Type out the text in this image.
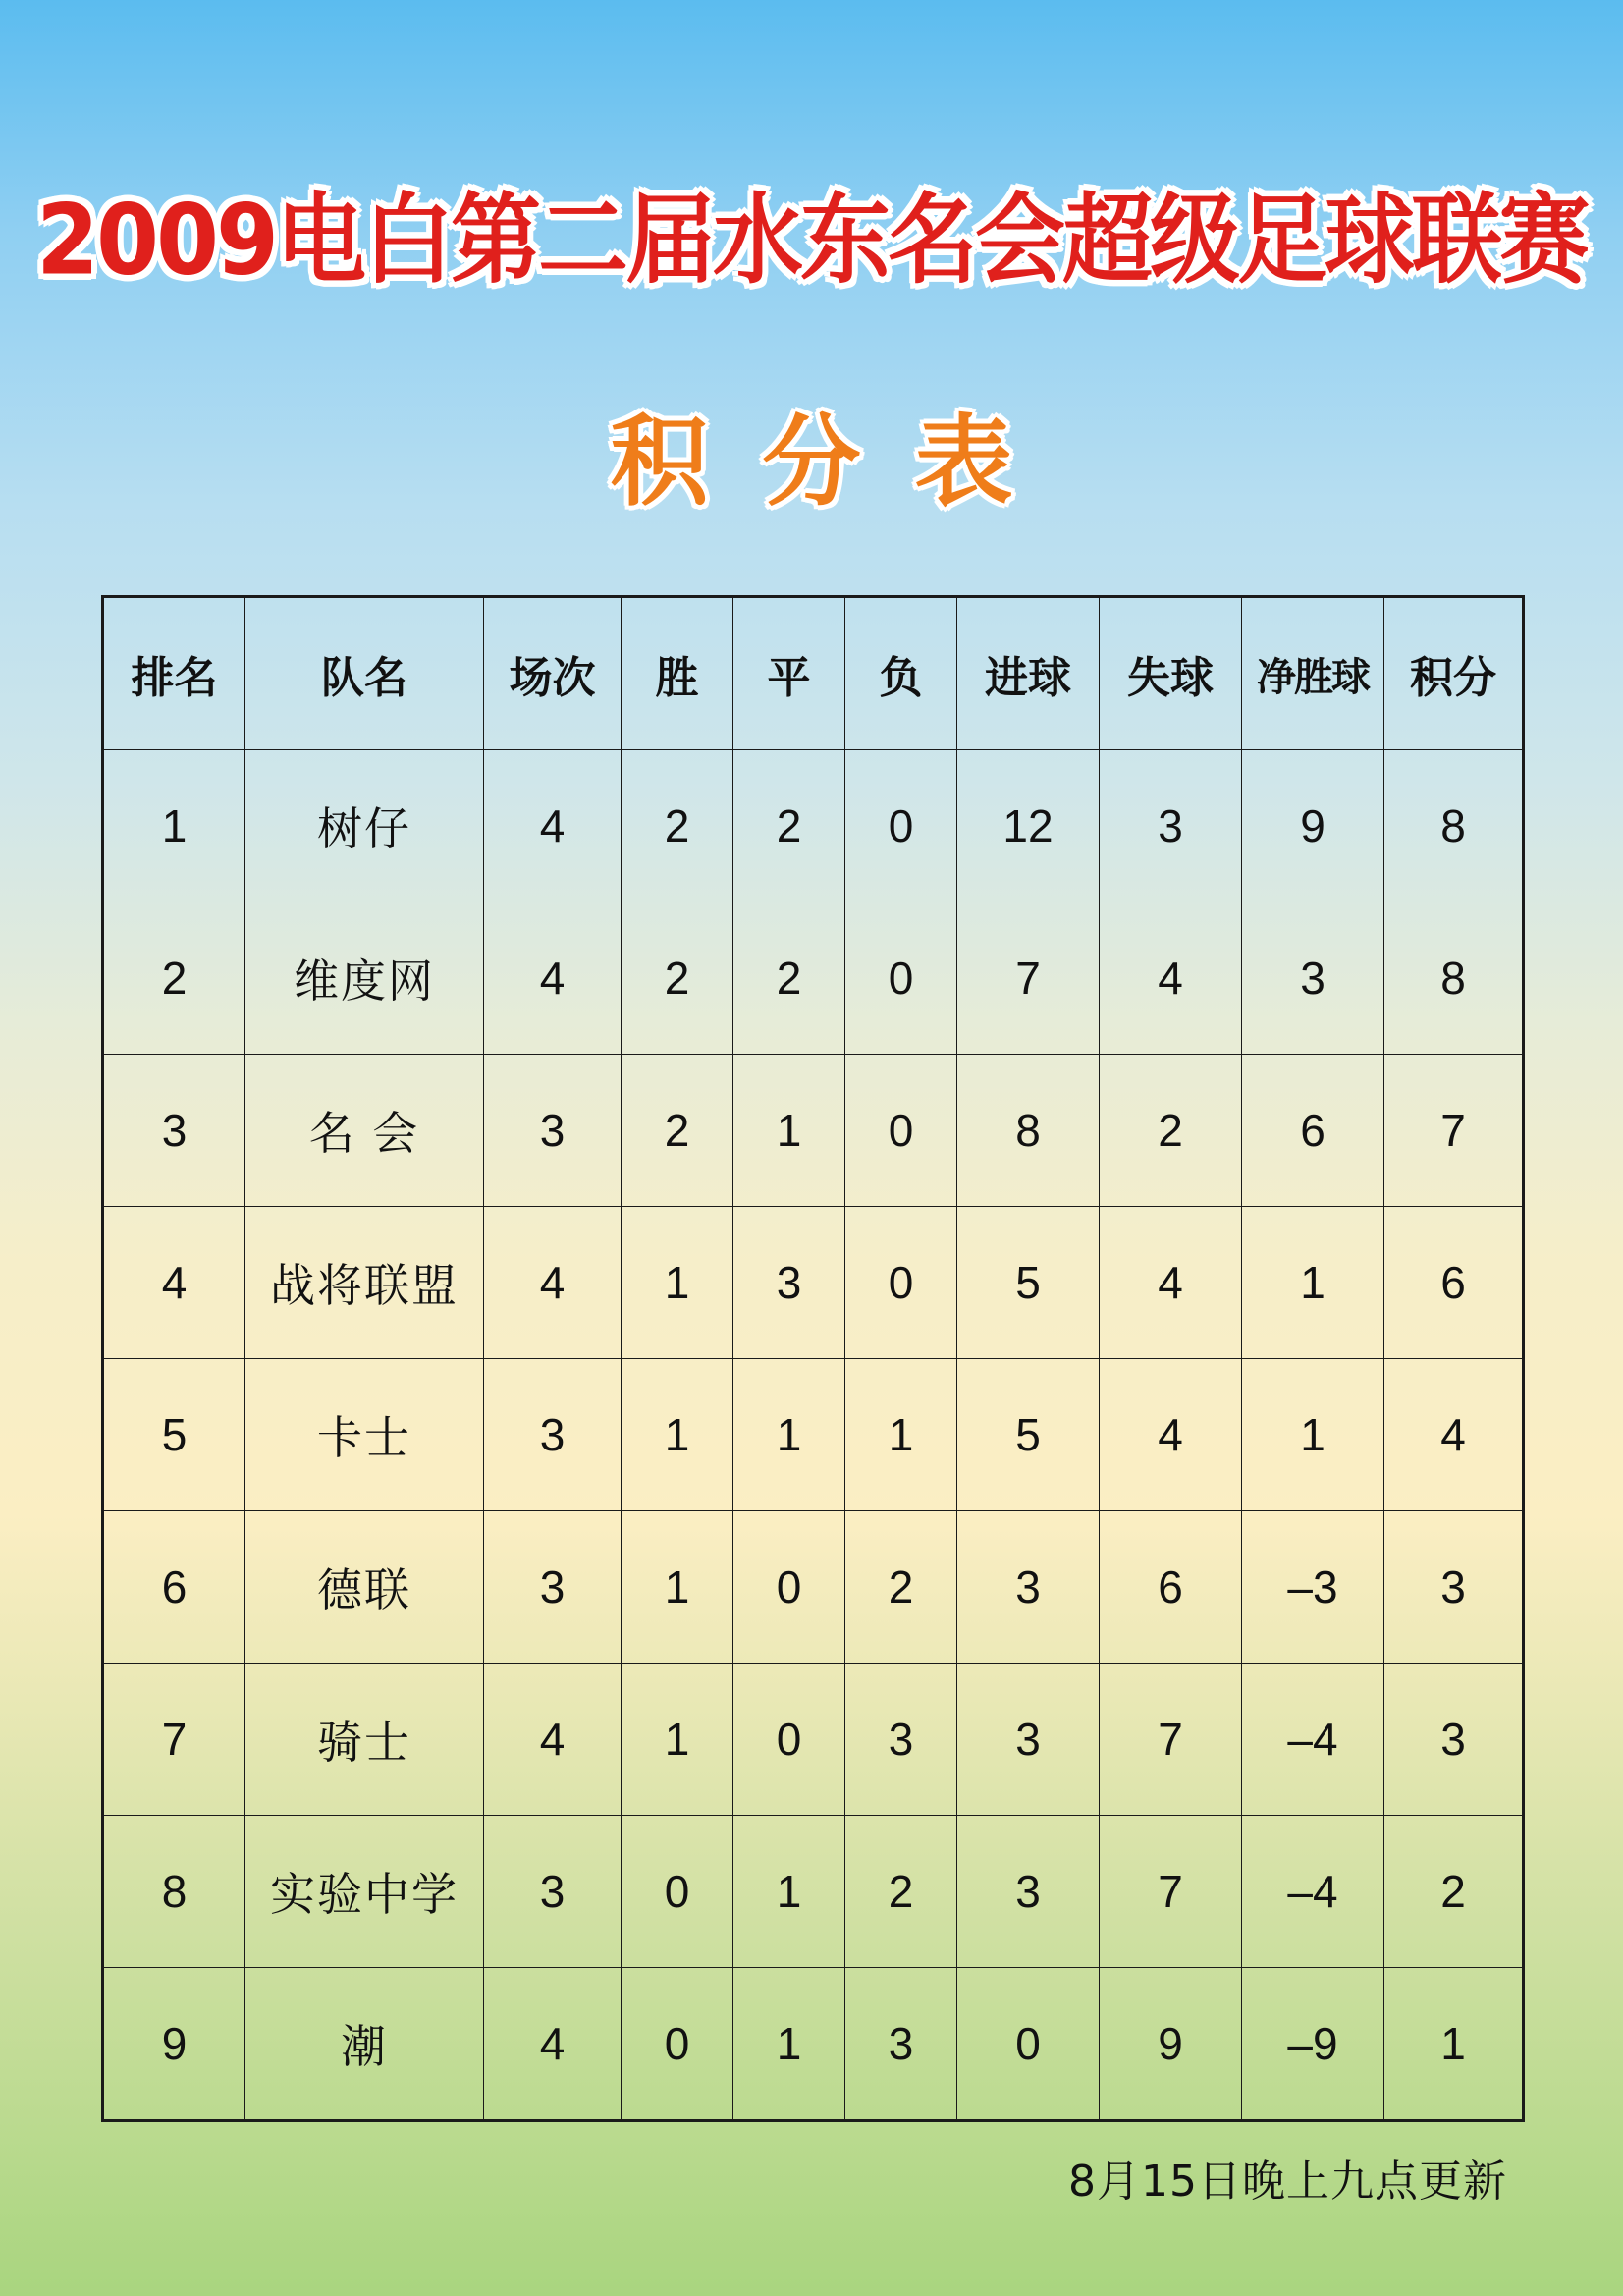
2009电白第二届水东名会超级足球联赛
积分表
排名	队名	场次	胜	平	负	进球	失球	净胜球	积分
1	树仔	4	2	2	0	12	3	9	8
2	维度网	4	2	2	0	7	4	3	8
3	名 会	3	2	1	0	8	2	6	7
4	战将联盟	4	1	3	0	5	4	1	6
5	卡士	3	1	1	1	5	4	1	4
6	德联	3	1	0	2	3	6	–3	3
7	骑士	4	1	0	3	3	7	–4	3
8	实验中学	3	0	1	2	3	7	–4	2
9	潮	4	0	1	3	0	9	–9	1
8月15日晚上九点更新
